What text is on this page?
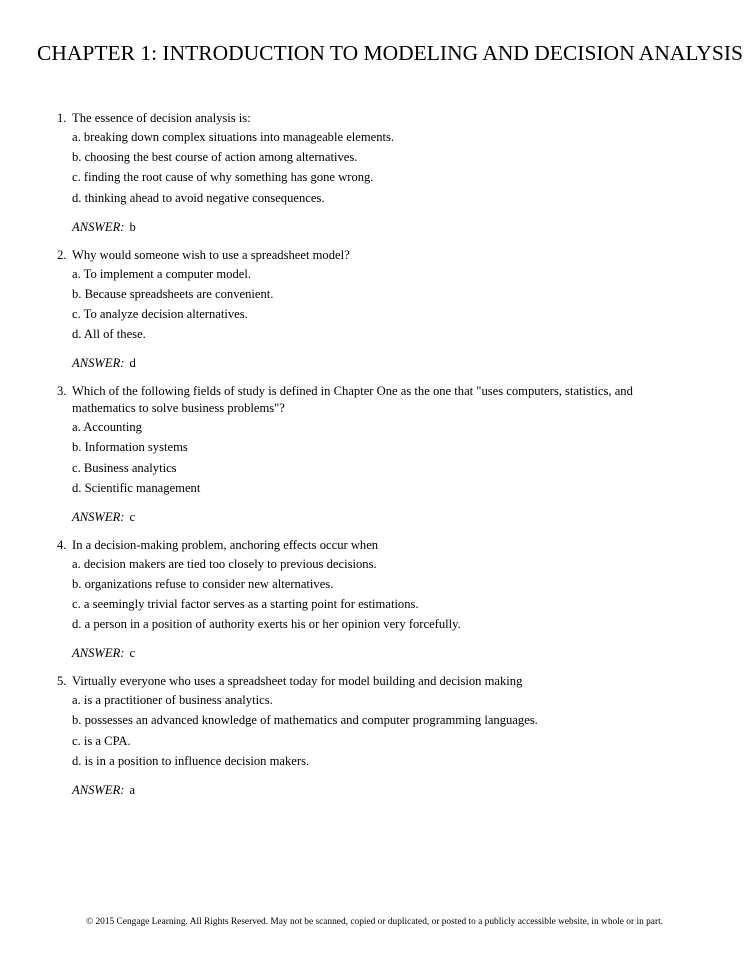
CHAPTER 1: INTRODUCTION TO MODELING AND DECISION ANALYSIS
1. The essence of decision analysis is:
a. breaking down complex situations into manageable elements.
b. choosing the best course of action among alternatives.
c. finding the root cause of why something has gone wrong.
d. thinking ahead to avoid negative consequences.
ANSWER: b
2. Why would someone wish to use a spreadsheet model?
a. To implement a computer model.
b. Because spreadsheets are convenient.
c. To analyze decision alternatives.
d. All of these.
ANSWER: d
3. Which of the following fields of study is defined in Chapter One as the one that "uses computers, statistics, and mathematics to solve business problems"?
a. Accounting
b. Information systems
c. Business analytics
d. Scientific management
ANSWER: c
4. In a decision-making problem, anchoring effects occur when
a. decision makers are tied too closely to previous decisions.
b. organizations refuse to consider new alternatives.
c. a seemingly trivial factor serves as a starting point for estimations.
d. a person in a position of authority exerts his or her opinion very forcefully.
ANSWER: c
5. Virtually everyone who uses a spreadsheet today for model building and decision making
a. is a practitioner of business analytics.
b. possesses an advanced knowledge of mathematics and computer programming languages.
c. is a CPA.
d. is in a position to influence decision makers.
ANSWER: a
© 2015 Cengage Learning. All Rights Reserved. May not be scanned, copied or duplicated, or posted to a publicly accessible website, in whole or in part.
